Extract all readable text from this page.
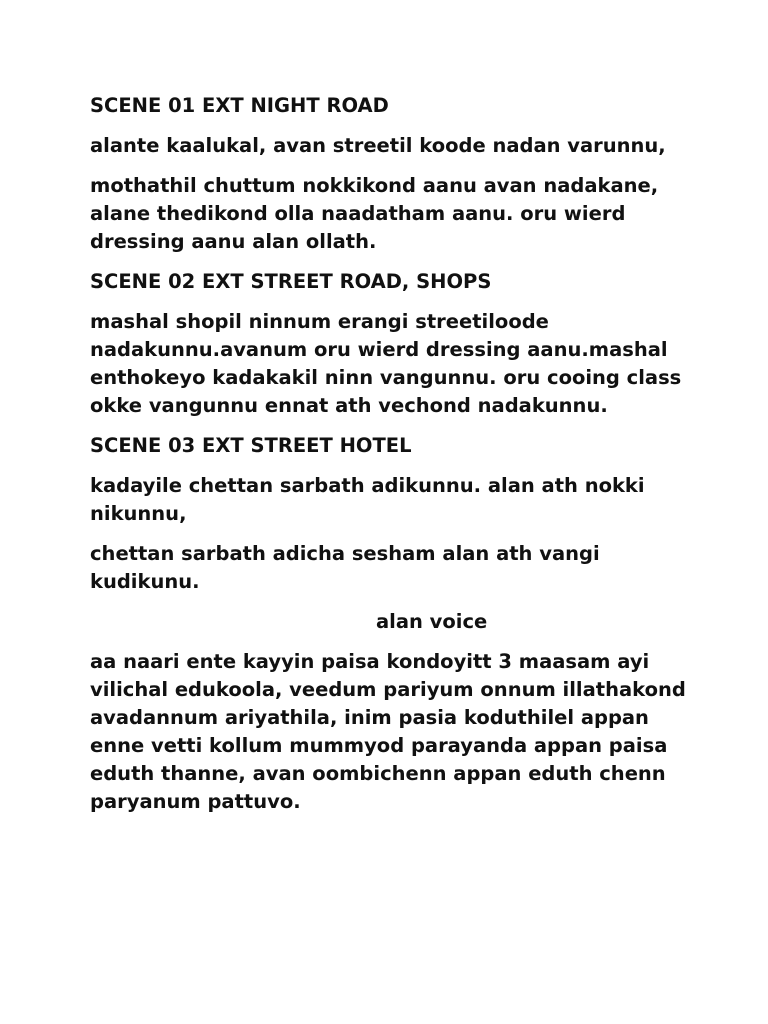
SCENE 01 EXT NIGHT ROAD
alante kaalukal, avan streetil koode nadan varunnu,
mothathil chuttum nokkikond aanu avan nadakane, alane thedikond olla naadatham aanu. oru wierd dressing aanu alan ollath.
SCENE 02 EXT STREET ROAD, SHOPS
mashal shopil ninnum erangi streetiloode nadakunnu.avanum oru wierd dressing aanu.mashal enthokeyo kadakakil ninn vangunnu. oru cooing class okke vangunnu ennat ath vechond nadakunnu.
SCENE 03 EXT STREET HOTEL
kadayile chettan sarbath adikunnu. alan ath nokki nikunnu,
chettan sarbath adicha sesham alan ath vangi kudikunu.
alan voice
aa naari ente kayyin paisa kondoyitt 3 maasam ayi vilichal edukoola, veedum pariyum onnum illathakond avadannum ariyathila, inim pasia koduthilel appan enne vetti kollum mummyod parayanda appan paisa eduth thanne, avan oombichenn appan eduth chenn paryanum pattuvo.
